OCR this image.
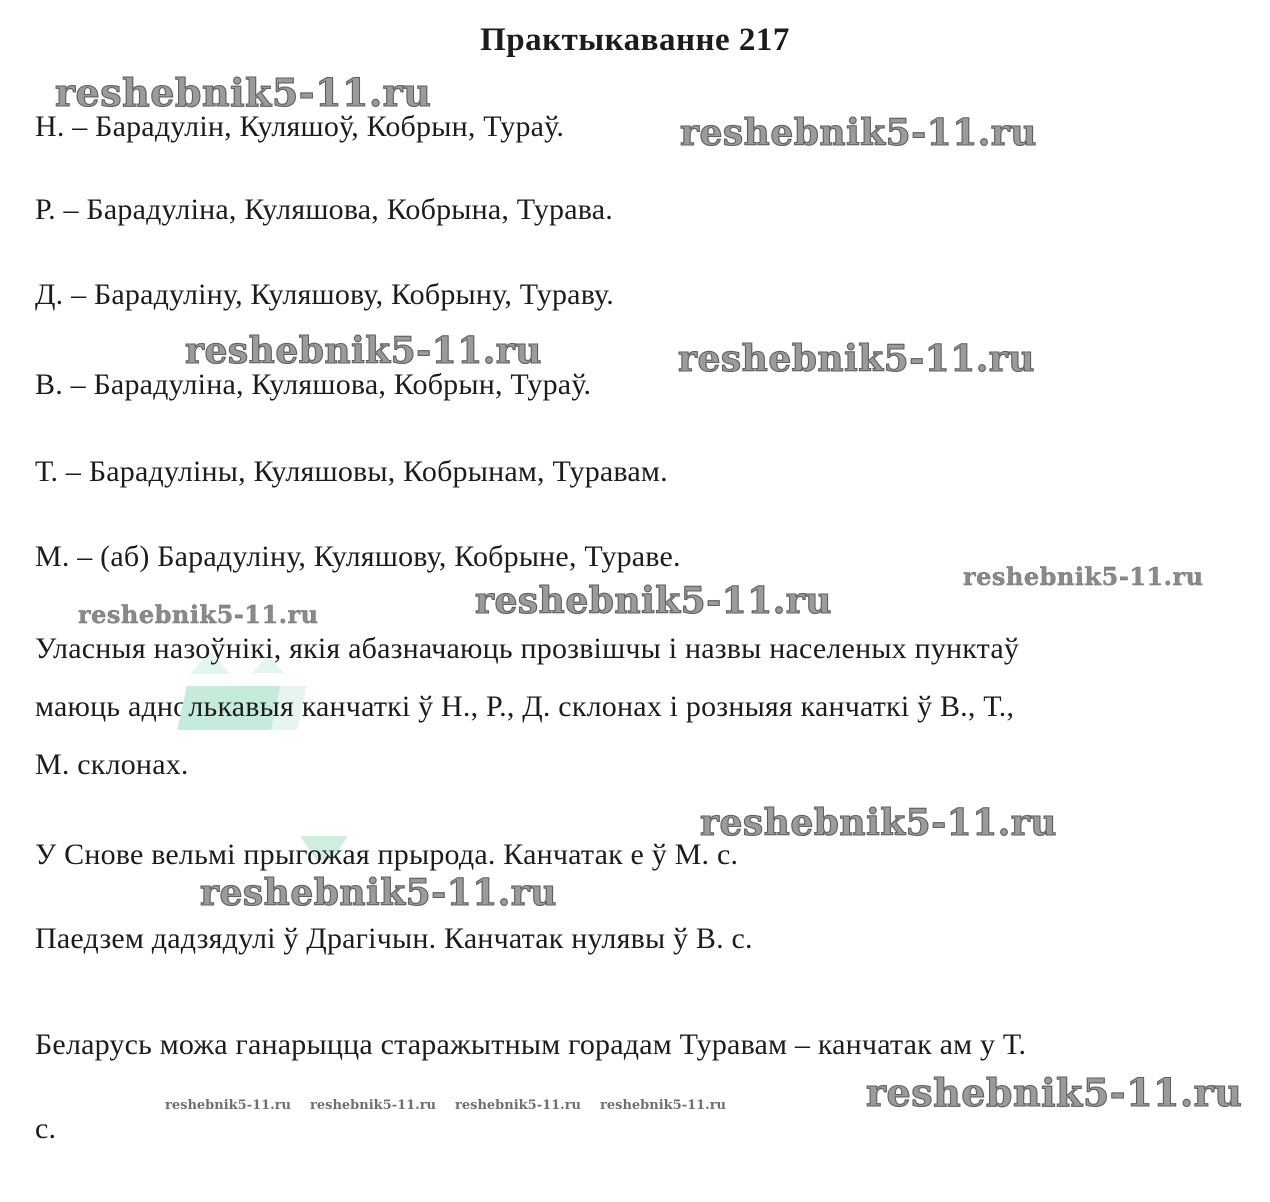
Практыкаванне 217
reshebnik5-11.ru
Н. – Барадулін, Куляшоў, Кобрын, Тураў.	reshebnik5-11.ru
Р. – Барадуліна, Куляшова, Кобрына, Турава.
Д. – Барадуліну, Куляшову, Кобрыну, Тураву.
reshebnik5-11.ru	reshebnik5-11.ru
В. – Барадуліна, Куляшова, Кобрын, Тураў.
Т. – Барадуліны, Куляшовы, Кобрынам, Туравам.
М. – (аб) Барадуліну, Куляшову, Кобрыне, Тураве.
reshebnik5-11.ru
reshebnik5-11.ru
reshebnik5-11.ru
Уласныя назоўнікі, якія абазначаюць прозвішчы і назвы населеных пунктаў
маюць аднолькавыя канчаткі ў Н., Р., Д. склонах і розныяя канчаткі ў В., Т.,
М. склонах.
reshebnik5-11.ru
У Снове вельмі прыгожая прырода. Канчатак е ў М. с.
reshebnik5-11.ru
Паедзем дадзядулі ў Драгічын. Канчатак нулявы ў В. с.
Беларусь можа ганарыцца старажытным горадам Туравам – канчатак ам у Т.
reshebnik5-11.ru
reshebnik5-11.ru reshebnik5-11.ru reshebnik5-11.ru reshebnik5-11.ru
с.
